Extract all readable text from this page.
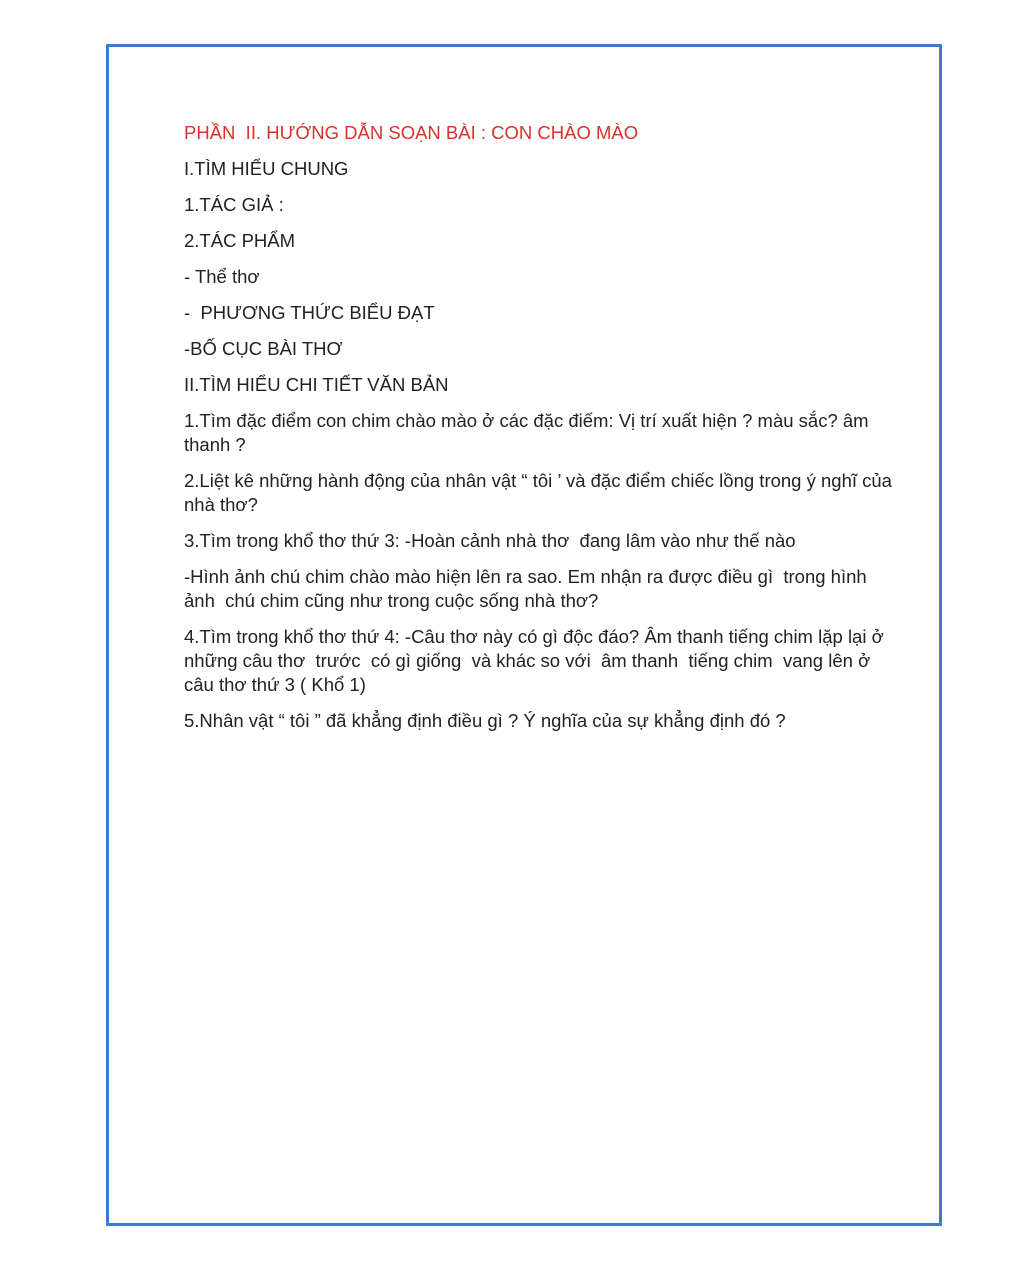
PHẦN  II. HƯỚNG DẪN SOẠN BÀI : CON CHÀO MÀO
I.TÌM HIỂU CHUNG
1.TÁC GIẢ :
2.TÁC PHẨM
- Thể thơ
-  PHƯƠNG THỨC BIỂU ĐẠT
-BỐ CỤC BÀI THƠ
II.TÌM HIỂU CHI TIẾT VĂN BẢN
1.Tìm đặc điểm con chim chào mào ở các đặc điếm: Vị trí xuất hiện ? màu sắc? âm thanh ?
2.Liệt kê những hành động của nhân vật “ tôi ’ và đặc điểm chiếc lồng trong ý nghĩ của nhà thơ?
3.Tìm trong khổ thơ thứ 3: -Hoàn cảnh nhà thơ  đang lâm vào như thế nào
-Hình ảnh chú chim chào mào hiện lên ra sao. Em nhận ra được điều gì  trong hình ảnh  chú chim cũng như trong cuộc sống nhà thơ?
4.Tìm trong khổ thơ thứ 4: -Câu thơ này có gì độc đáo? Âm thanh tiếng chim lặp lại ở những câu thơ  trước  có gì giống  và khác so với  âm thanh  tiếng chim  vang lên ở câu thơ thứ 3 ( Khổ 1)
5.Nhân vật “ tôi ” đã khẳng định điều gì ? Ý nghĩa của sự khẳng định đó ?
